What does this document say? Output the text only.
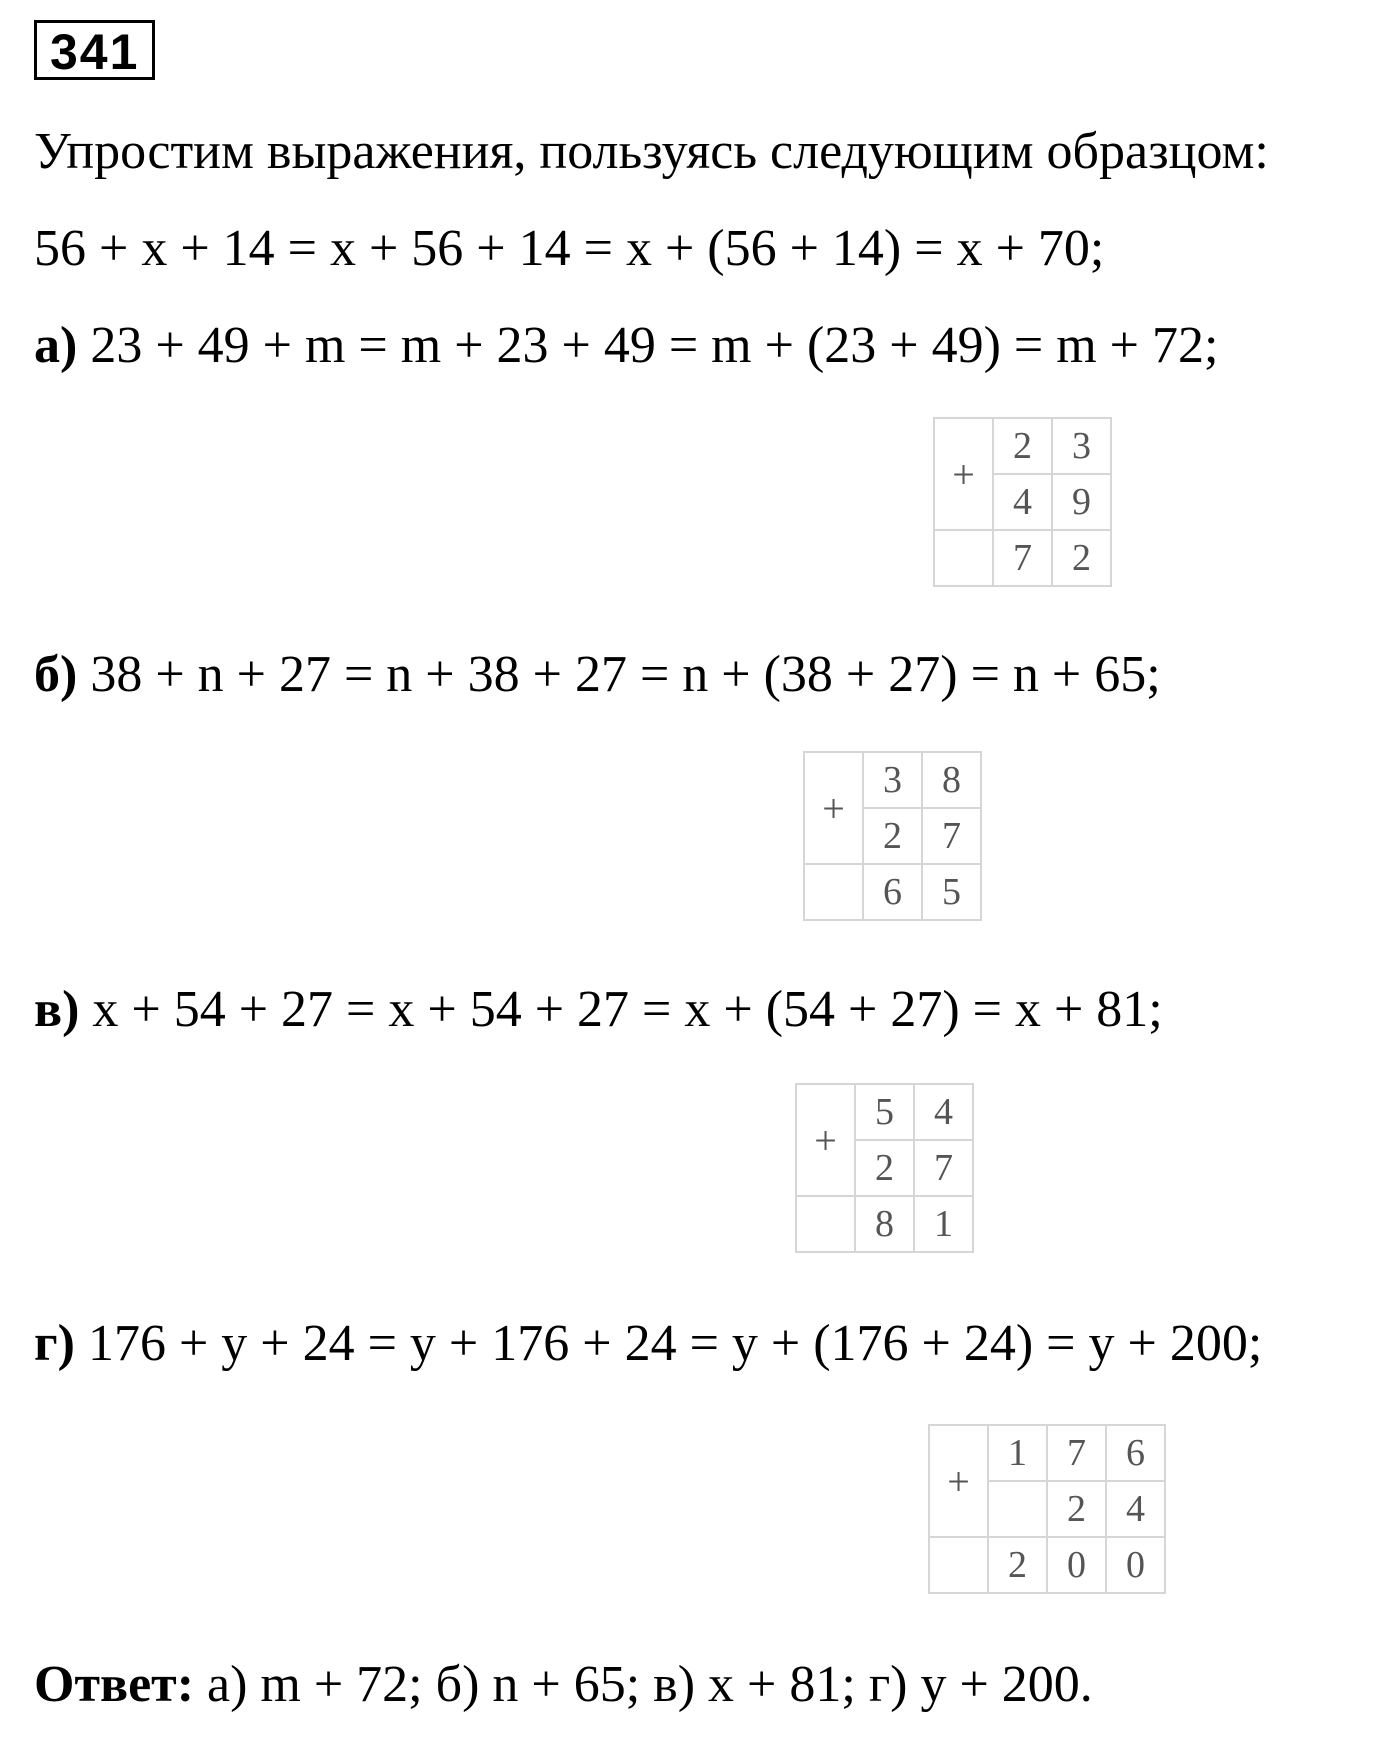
341
Упростим выражения, пользуясь следующим образцом:
56 + x + 14 = x + 56 + 14 = x + (56 + 14) = x + 70;
а) 23 + 49 + m = m + 23 + 49 = m + (23 + 49) = m + 72;
+	2	3
	4	9
	7	2
б) 38 + n + 27 = n + 38 + 27 = n + (38 + 27) = n + 65;
+	3	8
	2	7
	6	5
в) x + 54 + 27 = x + 54 + 27 = x + (54 + 27) = x + 81;
+	5	4
	2	7
	8	1
г) 176 + y + 24 = y + 176 + 24 = y + (176 + 24) = y + 200;
+	1	7	6
		2	4
	2	0	0
Ответ: а) m + 72; б) n + 65; в) x + 81; г) y + 200.
